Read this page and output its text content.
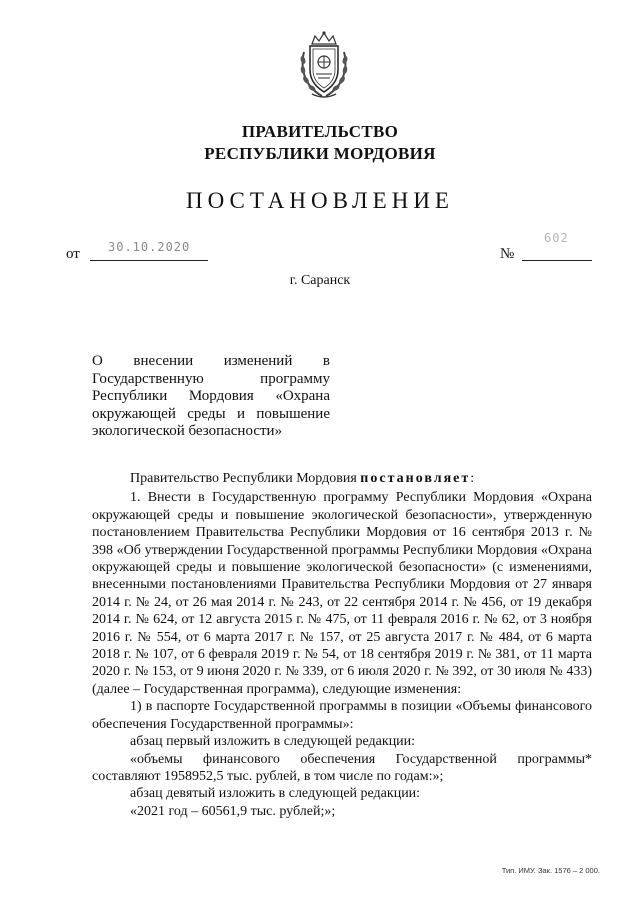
ПРАВИТЕЛЬСТВО
РЕСПУБЛИКИ МОРДОВИЯ
ПОСТАНОВЛЕНИЕ
от 30.10.2020	№
602
г. Саранск
О внесении изменений в
Государственную программу
Республики Мордовия «Охрана
окружающей среды и повышение
экологической безопасности»

Правительство Республики Мордовия постановляет:

1. Внести в Государственную программу Республики Мордовия «Охрана окружающей среды и повышение экологической безопасности», утвержденную постановлением Правительства Республики Мордовия от 16 сентября 2013 г. № 398 «Об утверждении Государственной программы Республики Мордовия «Охрана окружающей среды и повышение экологической безопасности» (с изменениями, внесенными постановлениями Правительства Республики Мордовия от 27 января 2014 г. № 24, от 26 мая 2014 г. № 243, от 22 сентября 2014 г. № 456, от 19 декабря 2014 г. № 624, от 12 августа 2015 г. № 475, от 11 февраля 2016 г. № 62, от 3 ноября 2016 г. № 554, от 6 марта 2017 г. № 157, от 25 августа 2017 г. № 484, от 6 марта 2018 г. № 107, от 6 февраля 2019 г. № 54, от 18 сентября 2019 г. № 381, от 11 марта 2020 г. № 153, от 9 июня 2020 г. № 339, от 6 июля 2020 г. № 392, от 30 июля № 433) (далее – Государственная программа), следующие изменения:

1) в паспорте Государственной программы в позиции «Объемы финансового обеспечения Государственной программы»:

абзац первый изложить в следующей редакции:

«объемы финансового обеспечения Государственной программы* составляют 1958952,5 тыс. рублей, в том числе по годам:»;

абзац девятый изложить в следующей редакции:

«2021 год – 60561,9 тыс. рублей;»;

Тип. ИМУ. Зак. 1576 – 2 000.
